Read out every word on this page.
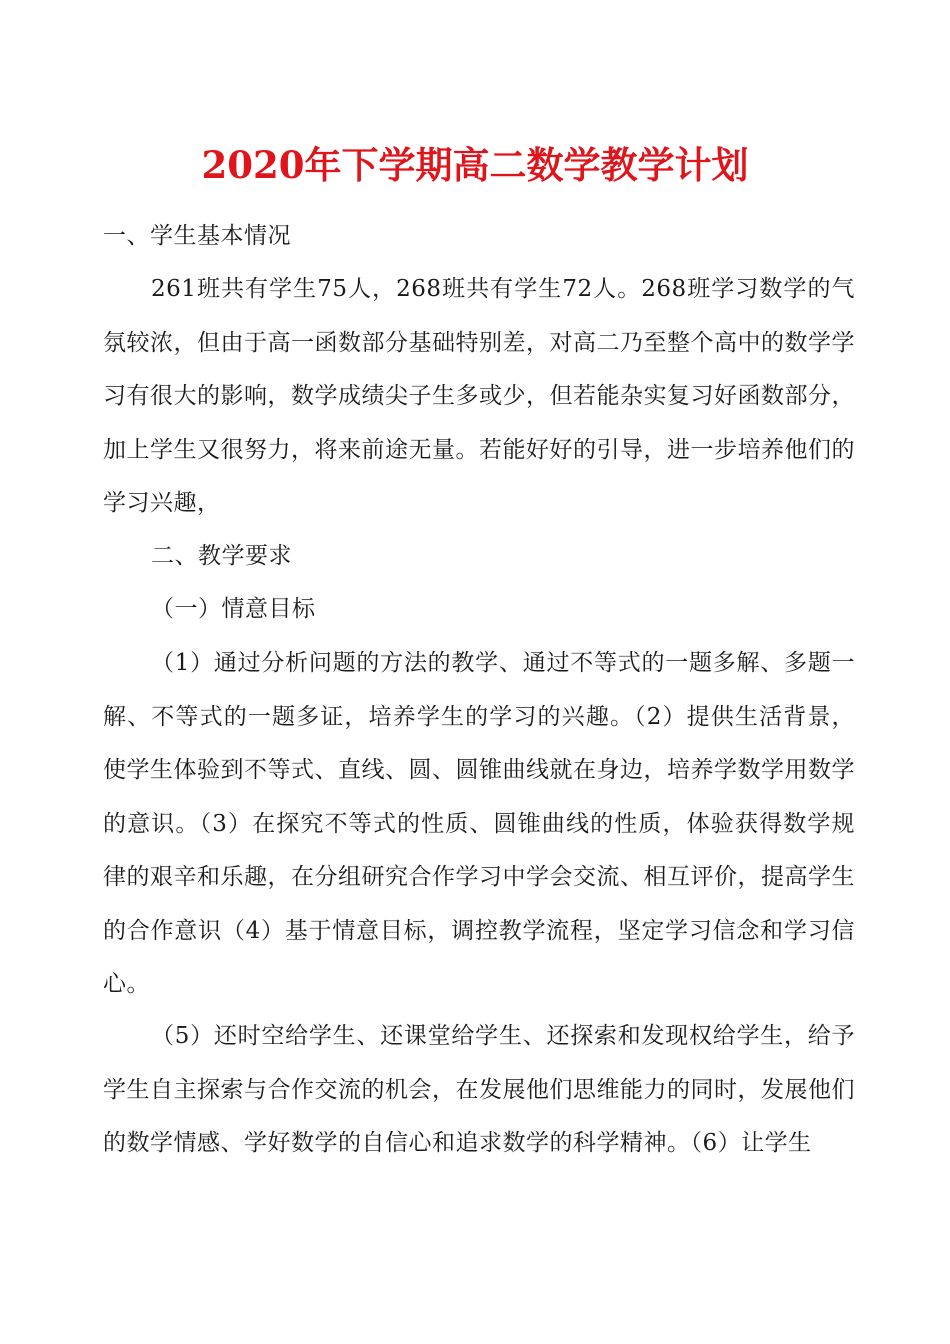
2020年下学期高二数学教学计划

一、学生基本情况

261班共有学生75人，268班共有学生72人。268班学习数学的气氛较浓，但由于高一函数部分基础特别差，对高二乃至整个高中的数学学习有很大的影响，数学成绩尖子生多或少，但若能杂实复习好函数部分，加上学生又很努力，将来前途无量。若能好好的引导，进一步培养他们的学习兴趣，

二、教学要求

（一）情意目标

（1）通过分析问题的方法的教学、通过不等式的一题多解、多题一解、不等式的一题多证，培养学生的学习的兴趣。（2）提供生活背景，使学生体验到不等式、直线、圆、圆锥曲线就在身边，培养学数学用数学的意识。（3）在探究不等式的性质、圆锥曲线的性质，体验获得数学规律的艰辛和乐趣，在分组研究合作学习中学会交流、相互评价，提高学生的合作意识（4）基于情意目标，调控教学流程，坚定学习信念和学习信心。

（5）还时空给学生、还课堂给学生、还探索和发现权给学生，给予学生自主探索与合作交流的机会，在发展他们思维能力的同时，发展他们的数学情感、学好数学的自信心和追求数学的科学精神。（6）让学生
